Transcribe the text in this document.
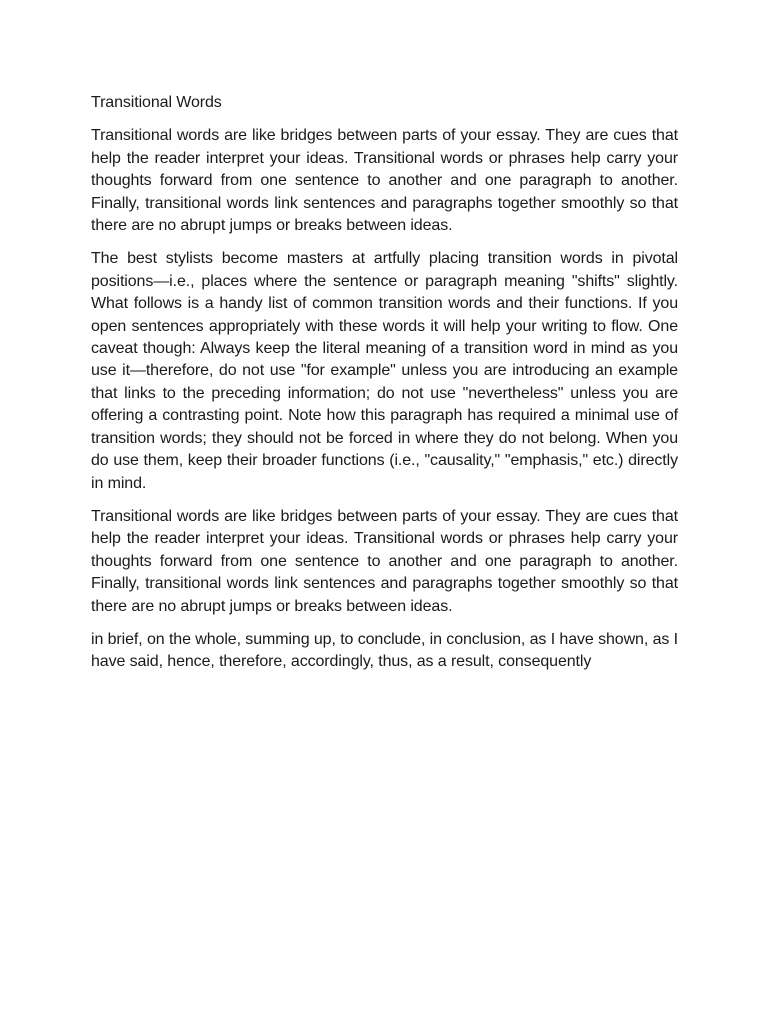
Transitional Words

Transitional words are like bridges between parts of your essay. They are cues that help the reader interpret your ideas. Transitional words or phrases help carry your thoughts forward from one sentence to another and one paragraph to another. Finally, transitional words link sentences and paragraphs together smoothly so that there are no abrupt jumps or breaks between ideas.

The best stylists become masters at artfully placing transition words in pivotal positions—i.e., places where the sentence or paragraph meaning "shifts" slightly. What follows is a handy list of common transition words and their functions. If you open sentences appropriately with these words it will help your writing to flow. One caveat though: Always keep the literal meaning of a transition word in mind as you use it—therefore, do not use "for example" unless you are introducing an example that links to the preceding information; do not use "nevertheless" unless you are offering a contrasting point. Note how this paragraph has required a minimal use of transition words; they should not be forced in where they do not belong. When you do use them, keep their broader functions (i.e., "causality," "emphasis," etc.) directly in mind.

Transitional words are like bridges between parts of your essay. They are cues that help the reader interpret your ideas. Transitional words or phrases help carry your thoughts forward from one sentence to another and one paragraph to another. Finally, transitional words link sentences and paragraphs together smoothly so that there are no abrupt jumps or breaks between ideas.

in brief, on the whole, summing up, to conclude, in conclusion, as I have shown, as I have said, hence, therefore, accordingly, thus, as a result, consequently
